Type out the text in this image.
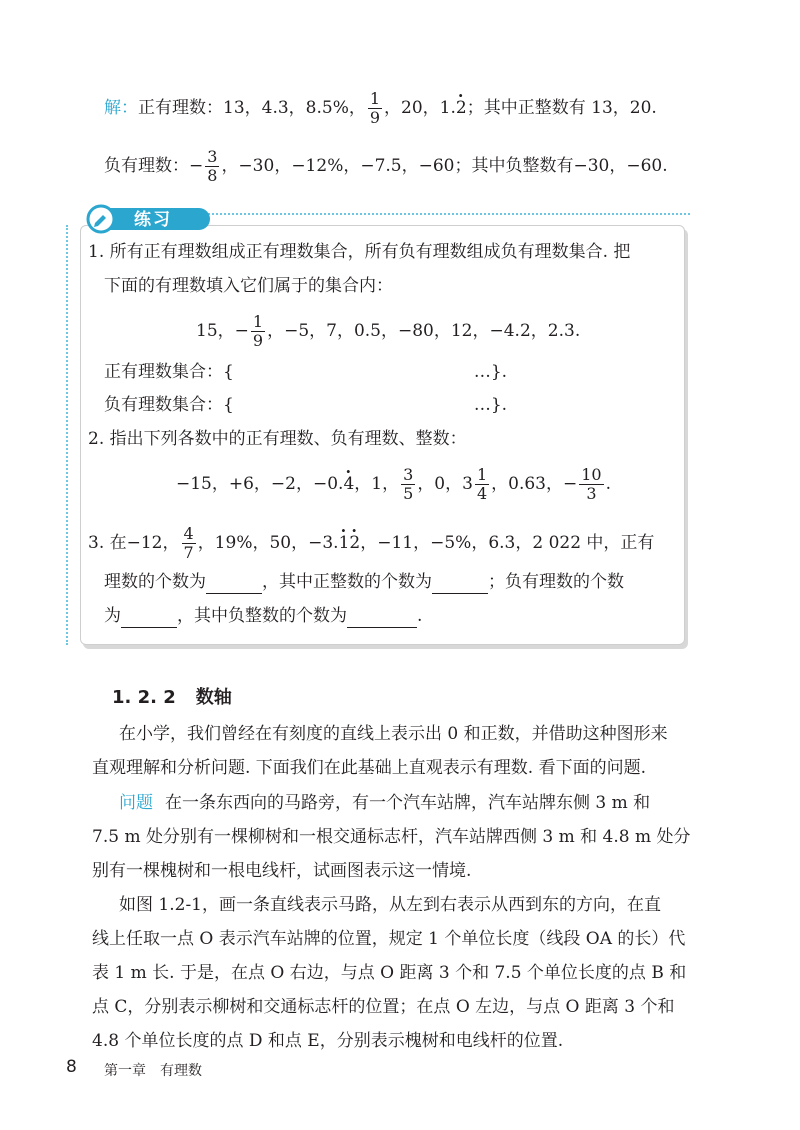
解：正有理数：13，4.3，8.5%， $\frac{1}{9}$ ，20，1.· 2；其中正整数有 13，20.
负有理数：− $\frac{3}{8}$ ，−30，−12%，−7.5，−60；其中负整数有−30，−60.
练习
1. 所有正有理数组成正有理数集合，所有负有理数组成负有理数集合. 把
下面的有理数填入它们属于的集合内：
15，− $\frac{1}{9}$ ，−5，7，0.5，−80，12，−4.2，2.3.
正有理数集合：{	…}.
负有理数集合：{	…}.
2. 指出下列各数中的正有理数、负有理数、整数：
−15，+6，−2，−0.· 4，1， $\frac{3}{5}$ ，0，$3 \frac{1}{4}$ ，0.63，− $\frac{10}{3}$ .
3. 在−12， $\frac{4}{7}$ ，19%，50，−3.· 1· 2，−11，−5%，6.3，2 022 中，正有
理数的个数为	，其中正整数的个数为	；负有理数的个数
为	，其中负整数的个数为	.
1. 2. 2 数轴
在小学，我们曾经在有刻度的直线上表示出 0 和正数，并借助这种图形来
直观理解和分析问题. 下面我们在此基础上直观表示有理数. 看下面的问题.
问题 在一条东西向的马路旁，有一个汽车站牌，汽车站牌东侧 3 m 和
7.5 m 处分别有一棵柳树和一根交通标志杆，汽车站牌西侧 3 m 和 4.8 m 处分
别有一棵槐树和一根电线杆，试画图表示这一情境.
如图 1.2-1，画一条直线表示马路，从左到右表示从西到东的方向，在直
线上任取一点 O 表示汽车站牌的位置，规定 1 个单位长度（线段 OA 的长）代
表 1 m 长. 于是，在点 O 右边，与点 O 距离 3 个和 7.5 个单位长度的点 B 和
点 C，分别表示柳树和交通标志杆的位置；在点 O 左边，与点 O 距离 3 个和
4.8 个单位长度的点 D 和点 E，分别表示槐树和电线杆的位置.
8 第一章　有理数
